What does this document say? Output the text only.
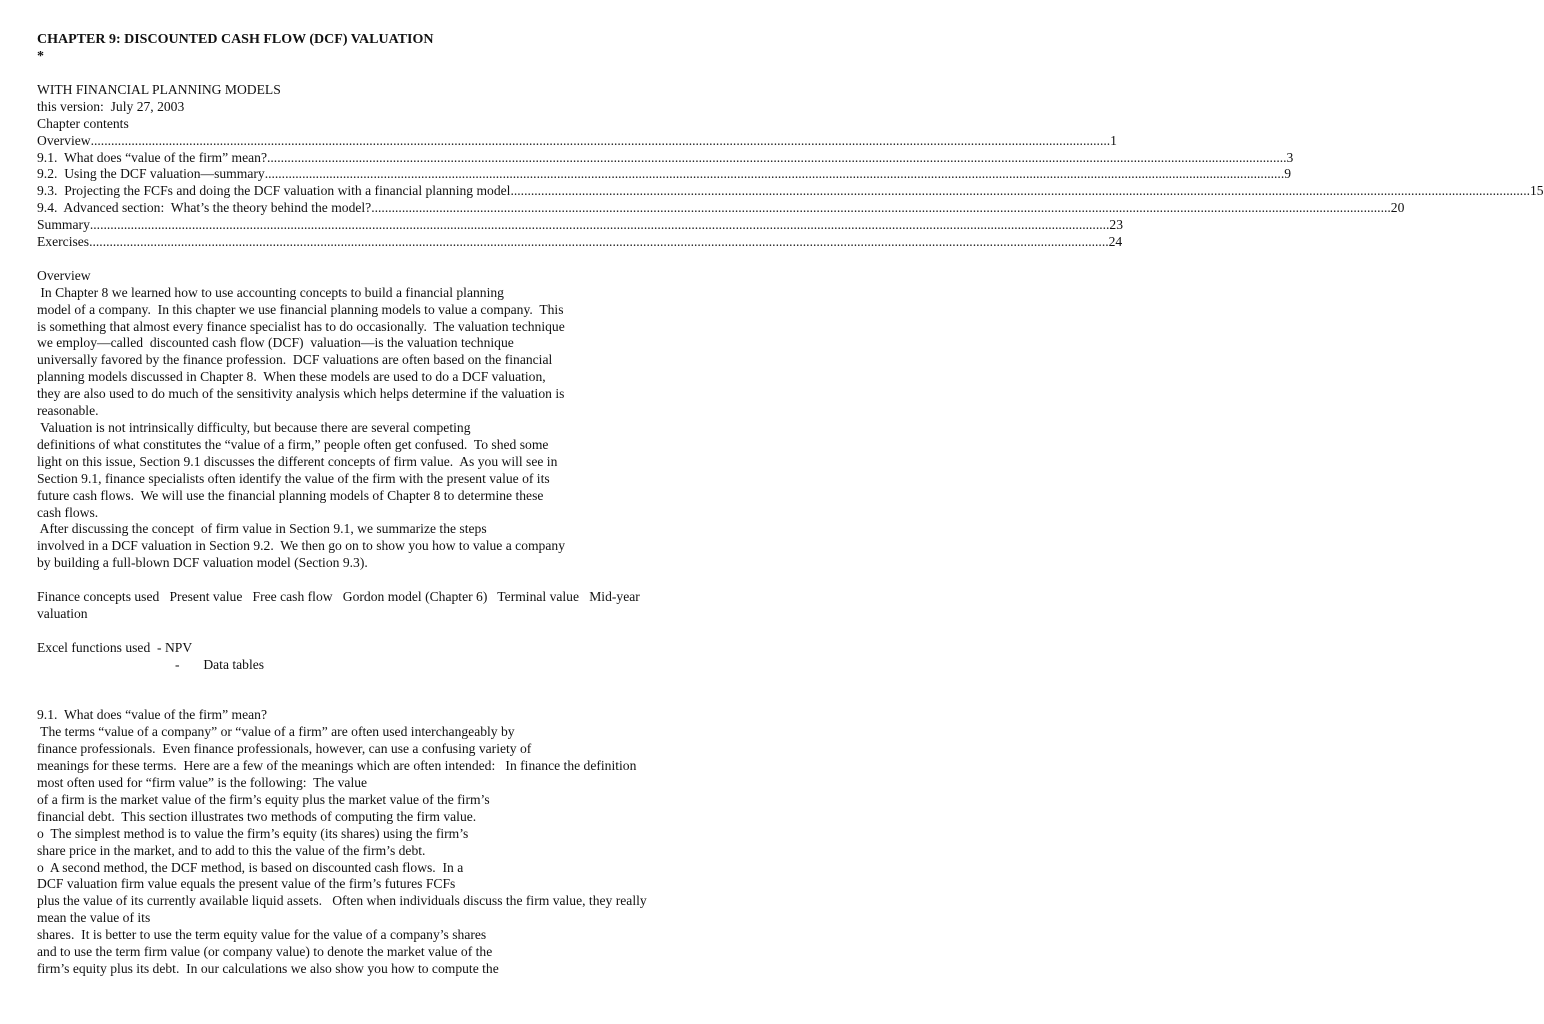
CHAPTER 9: DISCOUNTED CASH FLOW (DCF) VALUATION
*
WITH FINANCIAL PLANNING MODELS
this version:  July 27, 2003
Chapter contents
Overview ............................................................................................................................................................................................................................................................................................................ 1
9.1.  What does “value of the firm” mean? ............................................................................................................................................................................................................................................................................................................ 3
9.2.  Using the DCF valuation—summary ............................................................................................................................................................................................................................................................................................................ 9
9.3.  Projecting the FCFs and doing the DCF valuation with a financial planning model ............................................................................................................................................................................................................................................................................................................ 15
9.4.  Advanced section:  What’s the theory behind the model? ............................................................................................................................................................................................................................................................................................................ 20
Summary ............................................................................................................................................................................................................................................................................................................ 23
Exercises ............................................................................................................................................................................................................................................................................................................ 24
Overview
In Chapter 8 we learned how to use accounting concepts to build a financial planning
model of a company.  In this chapter we use financial planning models to value a company.  This
is something that almost every finance specialist has to do occasionally.  The valuation technique
we employ—called  discounted cash flow (DCF)  valuation—is the valuation technique
universally favored by the finance profession.  DCF valuations are often based on the financial
planning models discussed in Chapter 8.  When these models are used to do a DCF valuation,
they are also used to do much of the sensitivity analysis which helps determine if the valuation is
reasonable.
Valuation is not intrinsically difficulty, but because there are several competing
definitions of what constitutes the “value of a firm,” people often get confused.  To shed some
light on this issue, Section 9.1 discusses the different concepts of firm value.  As you will see in
Section 9.1, finance specialists often identify the value of the firm with the present value of its
future cash flows.  We will use the financial planning models of Chapter 8 to determine these
cash flows.
After discussing the concept  of firm value in Section 9.1, we summarize the steps
involved in a DCF valuation in Section 9.2.  We then go on to show you how to value a company
by building a full-blown DCF valuation model (Section 9.3).
Finance concepts used   Present value   Free cash flow   Gordon model (Chapter 6)   Terminal value   Mid-year
valuation
Excel functions used  - NPV
-       Data tables
9.1.  What does “value of the firm” mean?
The terms “value of a company” or “value of a firm” are often used interchangeably by
finance professionals.  Even finance professionals, however, can use a confusing variety of
meanings for these terms.  Here are a few of the meanings which are often intended:   In finance the definition
most often used for “firm value” is the following:  The value
of a firm is the market value of the firm’s equity plus the market value of the firm’s
financial debt.  This section illustrates two methods of computing the firm value.
o  The simplest method is to value the firm’s equity (its shares) using the firm’s
share price in the market, and to add to this the value of the firm’s debt.
o  A second method, the DCF method, is based on discounted cash flows.  In a
DCF valuation firm value equals the present value of the firm’s futures FCFs
plus the value of its currently available liquid assets.   Often when individuals discuss the firm value, they really
mean the value of its
shares.  It is better to use the term equity value for the value of a company’s shares
and to use the term firm value (or company value) to denote the market value of the
firm’s equity plus its debt.  In our calculations we also show you how to compute the
